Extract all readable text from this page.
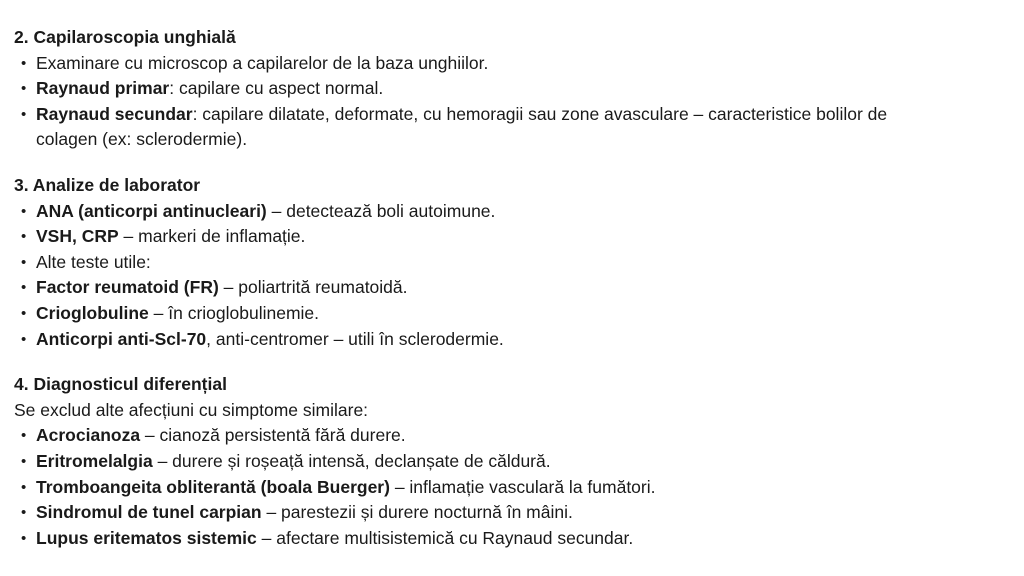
2. Capilaroscopia unghială
• Examinare cu microscop a capilarelor de la baza unghiilor.
• Raynaud primar: capilare cu aspect normal.
• Raynaud secundar: capilare dilatate, deformate, cu hemoragii sau zone avasculare – caracteristice bolilor de colagen (ex: sclerodermie).
3. Analize de laborator
• ANA (anticorpi antinucleari) – detectează boli autoimune.
• VSH, CRP – markeri de inflamație.
• Alte teste utile:
• Factor reumatoid (FR) – poliartrită reumatoidă.
• Crioglobuline – în crioglobulinemie.
• Anticorpi anti-Scl-70, anti-centromer – utili în sclerodermie.
4. Diagnosticul diferențial

Se exclud alte afecțiuni cu simptome similare:

• Acrocianoza – cianoză persistentă fără durere.
• Eritromelalgia – durere și roșeață intensă, declanșate de căldură.
• Tromboangeita obliterantă (boala Buerger) – inflamație vasculară la fumători.
• Sindromul de tunel carpian – parestezii și durere nocturnă în mâini.
• Lupus eritematos sistemic – afectare multisistemică cu Raynaud secundar.
